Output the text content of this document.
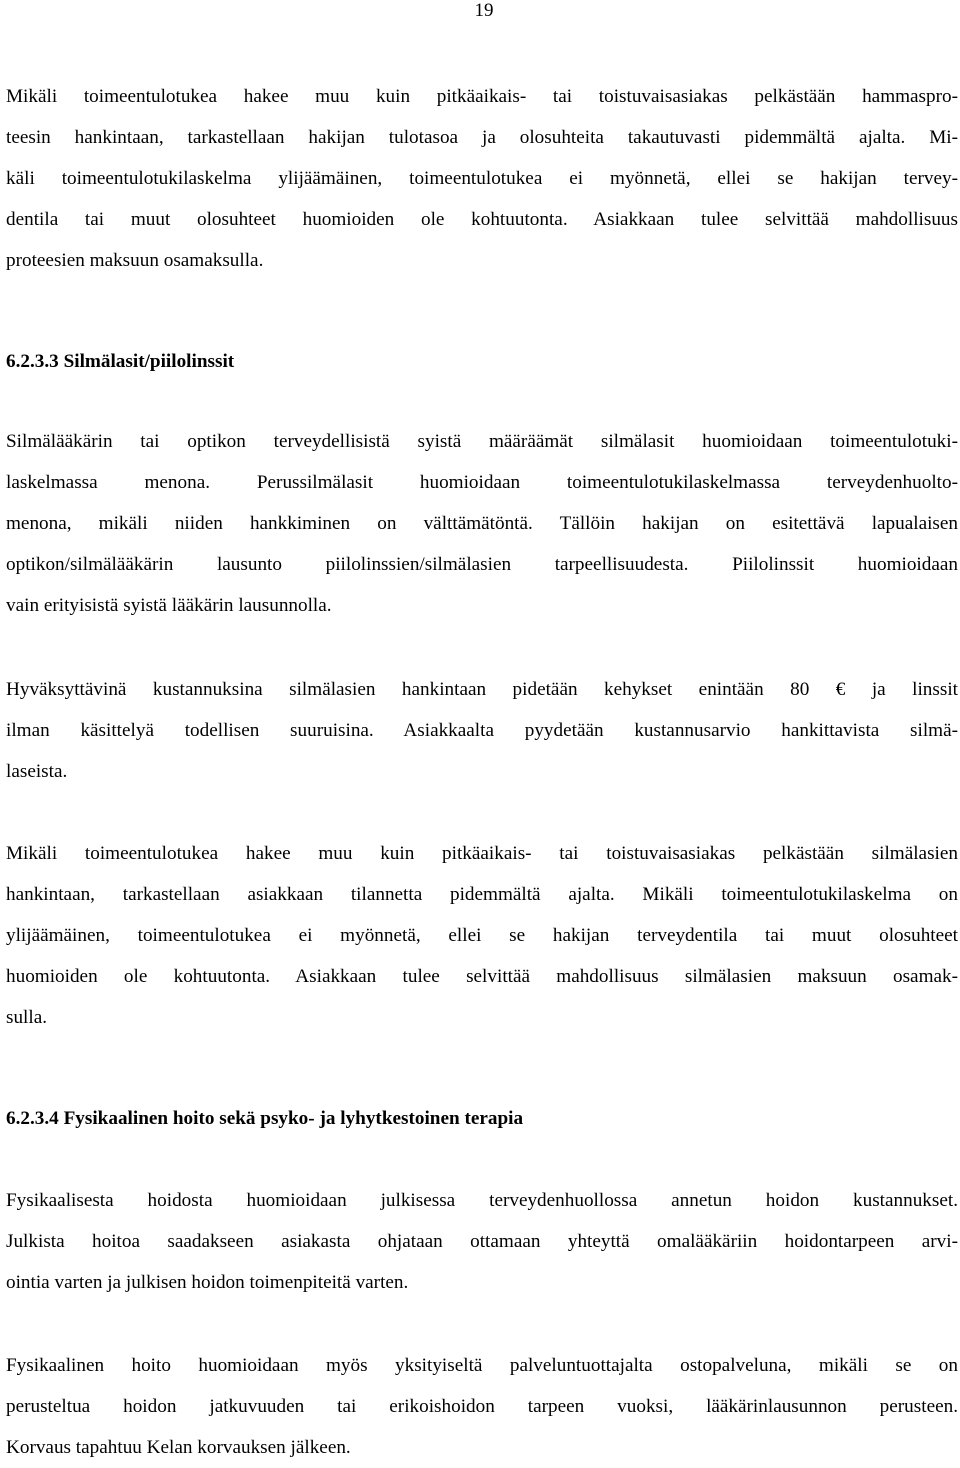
19
Mikäli toimeentulotukea hakee muu kuin pitkäaikais- tai toistuvaisasiakas pelkästään hammaspro-
teesin hankintaan, tarkastellaan hakijan tulotasoa ja olosuhteita takautuvasti pidemmältä ajalta. Mi-
käli toimeentulotukilaskelma ylijäämäinen, toimeentulotukea ei myönnetä, ellei se hakijan tervey-
dentila tai muut olosuhteet huomioiden ole kohtuutonta. Asiakkaan tulee selvittää mahdollisuus
proteesien maksuun osamaksulla.
6.2.3.3 Silmälasit/piilolinssit
Silmälääkärin tai optikon terveydellisistä syistä määräämät silmälasit huomioidaan toimeentulotuki-
laskelmassa menona. Perussilmälasit huomioidaan toimeentulotukilaskelmassa terveydenhuolto-
menona, mikäli niiden hankkiminen on välttämätöntä. Tällöin hakijan on esitettävä lapualaisen
optikon/silmälääkärin lausunto piilolinssien/silmälasien tarpeellisuudesta. Piilolinssit huomioidaan
vain erityisistä syistä lääkärin lausunnolla.
Hyväksyttävinä kustannuksina silmälasien hankintaan pidetään kehykset enintään 80 € ja linssit
ilman käsittelyä todellisen suuruisina. Asiakkaalta pyydetään kustannusarvio hankittavista silmä-
laseista.
Mikäli toimeentulotukea hakee muu kuin pitkäaikais- tai toistuvaisasiakas pelkästään silmälasien
hankintaan, tarkastellaan asiakkaan tilannetta pidemmältä ajalta. Mikäli toimeentulotukilaskelma on
ylijäämäinen, toimeentulotukea ei myönnetä, ellei se hakijan terveydentila tai muut olosuhteet
huomioiden ole kohtuutonta. Asiakkaan tulee selvittää mahdollisuus silmälasien maksuun osamak-
sulla.
6.2.3.4 Fysikaalinen hoito sekä psyko- ja lyhytkestoinen terapia
Fysikaalisesta hoidosta huomioidaan julkisessa terveydenhuollossa annetun hoidon kustannukset.
Julkista hoitoa saadakseen asiakasta ohjataan ottamaan yhteyttä omalääkäriin hoidontarpeen arvi-
ointia varten ja julkisen hoidon toimenpiteitä varten.
Fysikaalinen hoito huomioidaan myös yksityiseltä palveluntuottajalta ostopalveluna, mikäli se on
perusteltua hoidon jatkuvuuden tai erikoishoidon tarpeen vuoksi, lääkärinlausunnon perusteen.
Korvaus tapahtuu Kelan korvauksen jälkeen.
